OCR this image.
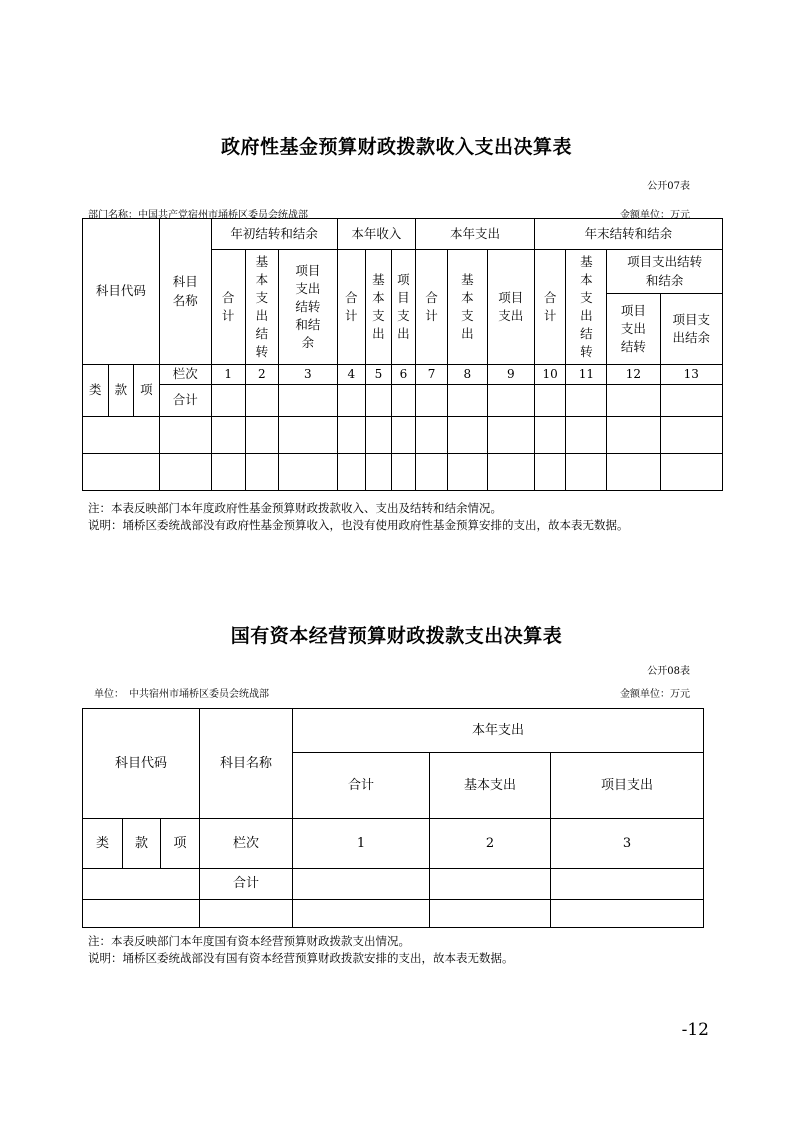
政府性基金预算财政拨款收入支出决算表
公开07表
部门名称：中国共产党宿州市埇桥区委员会统战部	金额单位：万元
科目代码			科目名称	年初结转和结余			本年收入			本年支出			年末结转和结余			
				合计	基本支出结转	项目支出结转和结余	合计	基本支出	项目支出	合计	基本支出	项目支出	合计	基本支出结转	项目支出结转和结余	
															项目支出结转	项目支出结余
类	款	项	栏次	1	2	3	4	5	6	7	8	9	10	11	12	13
			合计													

注：本表反映部门本年度政府性基金预算财政拨款收入、支出及结转和结余情况。
说明：埇桥区委统战部没有政府性基金预算收入，也没有使用政府性基金预算安排的支出，故本表无数据。
国有资本经营预算财政拨款支出决算表
公开08表
单位：　中共宿州市埇桥区委员会统战部	金额单位：万元
科目代码			科目名称	本年支出		
				合计	基本支出	项目支出
类	款	项	栏次	1	2	3
			合计			

注：本表反映部门本年度国有资本经营预算财政拨款支出情况。
说明：埇桥区委统战部没有国有资本经营预算财政拨款安排的支出，故本表无数据。
-12
